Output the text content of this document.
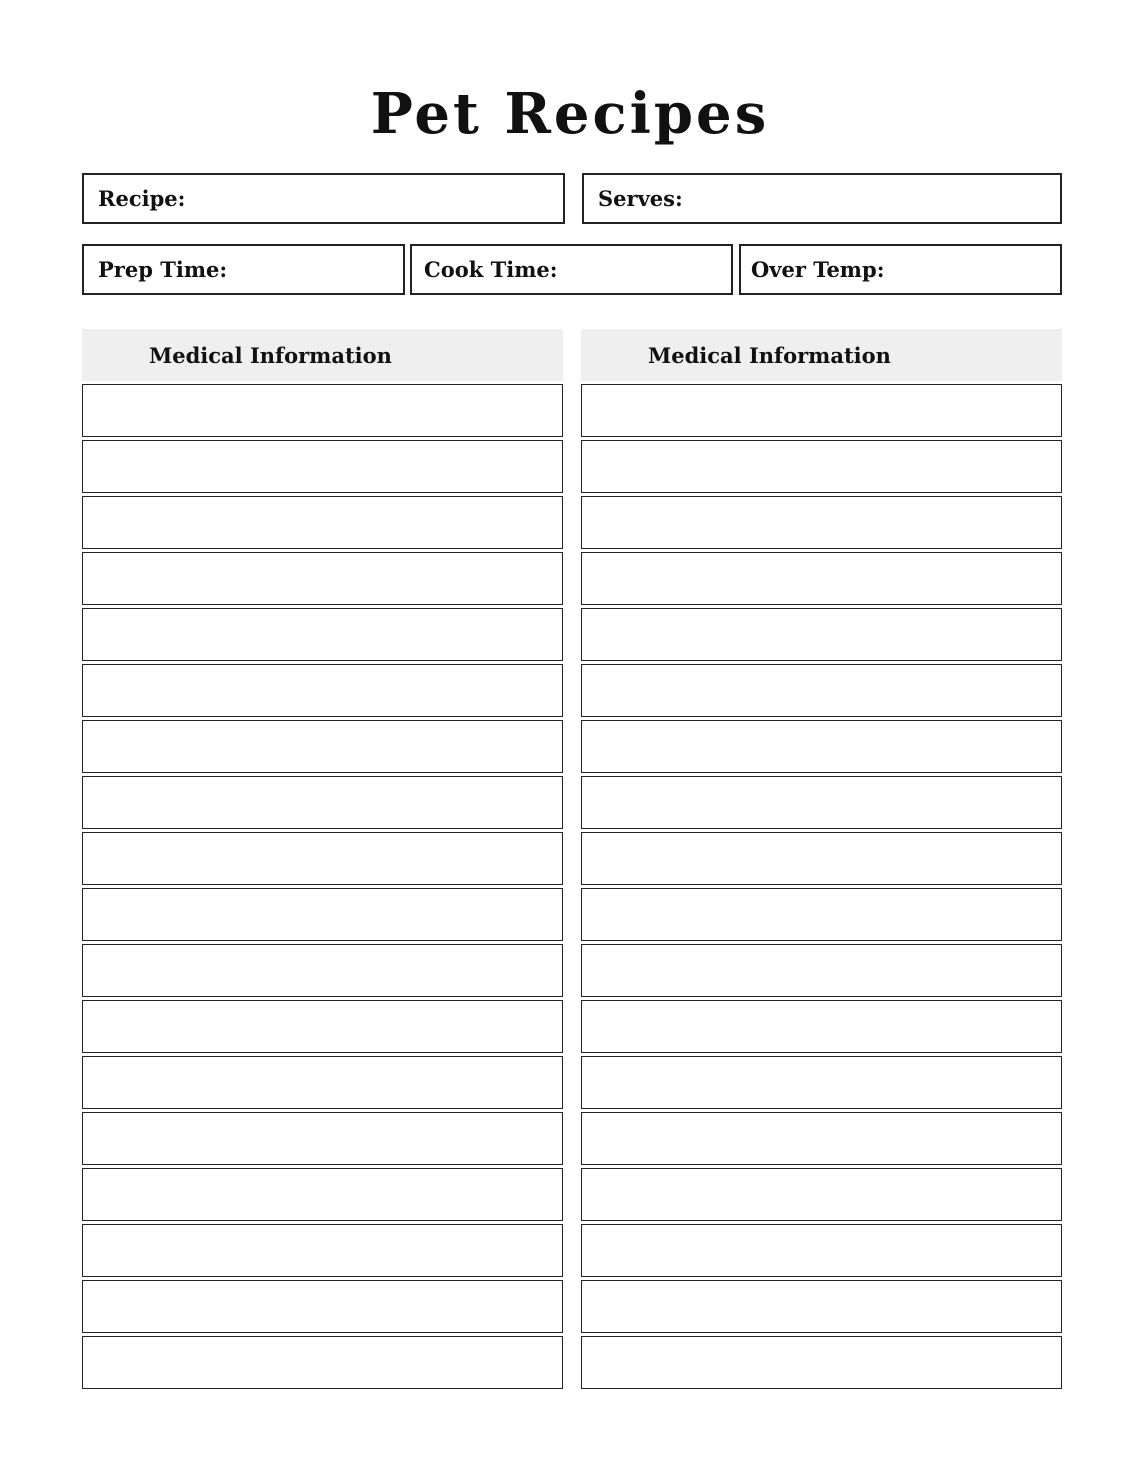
Pet Recipes
Recipe:	Serves:
Prep Time:	Cook Time:	Over Temp:
Medical Information	Medical Information
